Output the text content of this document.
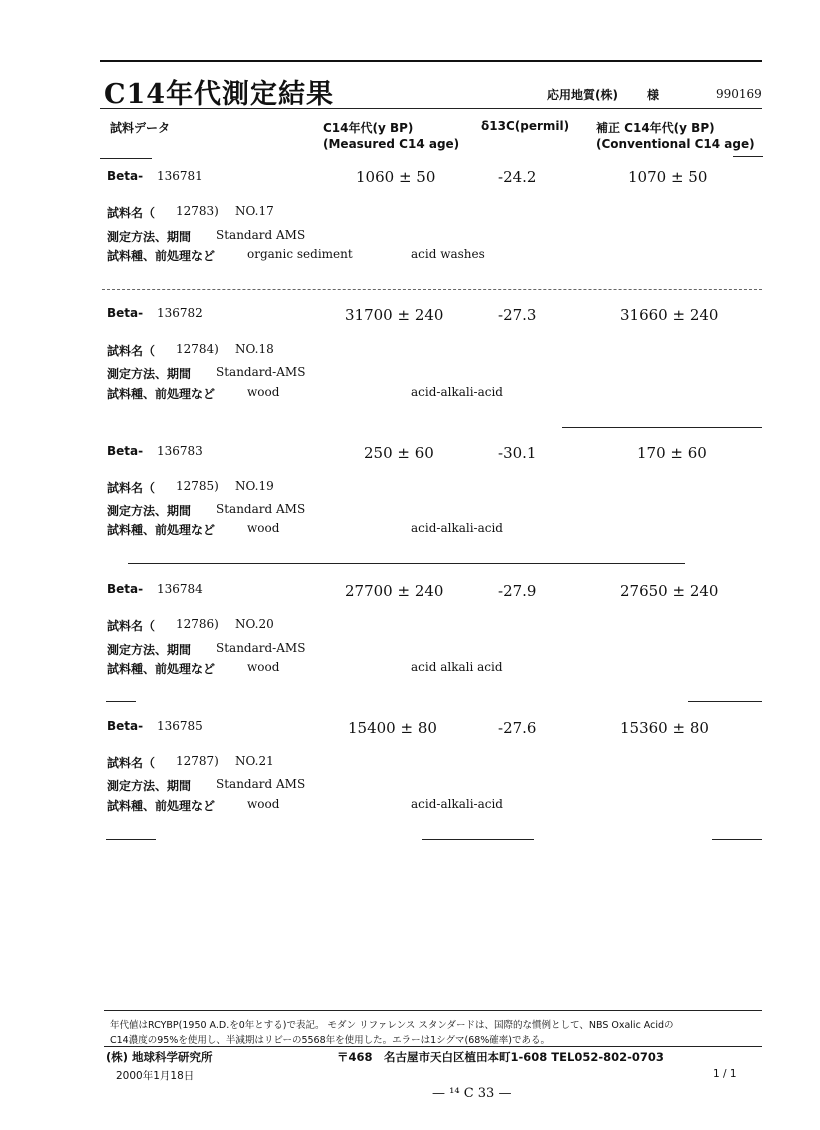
C14年代測定結果	応用地質(株) 様	990169
試料データ	C14年代(y BP)
(Measured C14 age)
δ13C(permil) 補正 C14年代(y BP)
(Conventional C14 age)
Beta- 136781	1060 ± 50	-24.2	1070 ± 50
試料名（ 12783) NO.17
測定方法、期間 Standard AMS
試料種、前処理など	organic sediment	acid washes
Beta- 136782	31700 ± 240	-27.3	31660 ± 240
試料名（ 12784) NO.18
測定方法、期間 Standard-AMS
試料種、前処理など	wood	acid-alkali-acid
Beta- 136783	250 ± 60	-30.1	170 ± 60
試料名（ 12785) NO.19
測定方法、期間 Standard AMS
試料種、前処理など	wood	acid-alkali-acid
Beta- 136784	27700 ± 240	-27.9	27650 ± 240
試料名（ 12786) NO.20
測定方法、期間 Standard-AMS
試料種、前処理など	wood	acid alkali acid
Beta- 136785	15400 ± 80	-27.6	15360 ± 80
試料名（ 12787) NO.21
測定方法、期間 Standard AMS
試料種、前処理など	wood	acid-alkali-acid
年代値はRCYBP(1950 A.D.を0年とする)で表記。 モダン リファレンス スタンダードは、国際的な慣例として、NBS Oxalic Acidの
C14濃度の95%を使用し、半減期はリビーの5568年を使用した。エラーは1シグマ(68%確率)である。
(株) 地球科学研究所	〒468　名古屋市天白区植田本町1-608 TEL052-802-0703
2000年1月18日	1 / 1
— ¹⁴ C 33 —
